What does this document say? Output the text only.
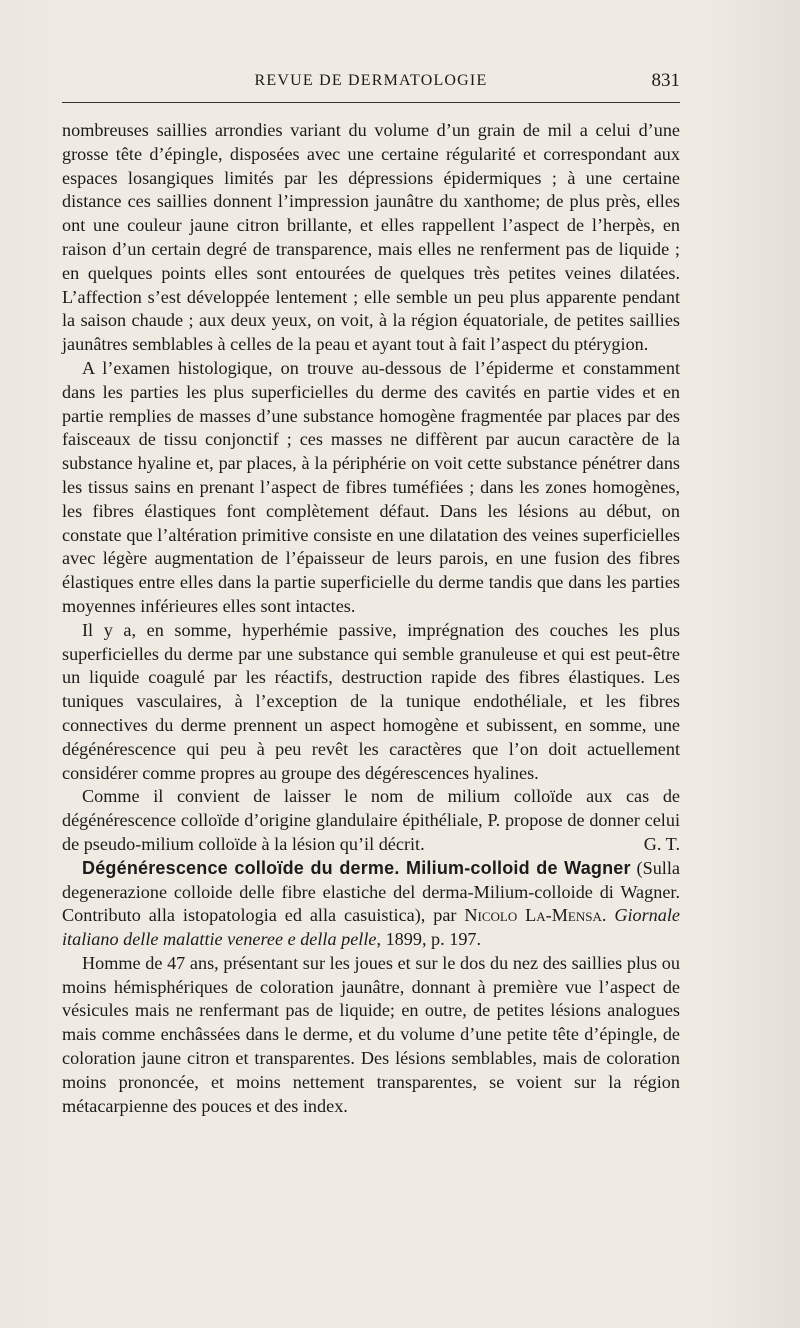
REVUE DE DERMATOLOGIE	831

nombreuses saillies arrondies variant du volume d’un grain de mil a celui d’une grosse tête d’épingle, disposées avec une certaine régularité et correspondant aux espaces losangiques limités par les dépressions épidermiques ; à une certaine distance ces saillies donnent l’impression jaunâtre du xanthome; de plus près, elles ont une couleur jaune citron brillante, et elles rappellent l’aspect de l’herpès, en raison d’un certain degré de transparence, mais elles ne renferment pas de liquide ; en quelques points elles sont entourées de quelques très petites veines dilatées. L’affection s’est développée lentement ; elle semble un peu plus apparente pendant la saison chaude ; aux deux yeux, on voit, à la région équatoriale, de petites saillies jaunâtres semblables à celles de la peau et ayant tout à fait l’aspect du ptérygion.

A l’examen histologique, on trouve au-dessous de l’épiderme et constamment dans les parties les plus superficielles du derme des cavités en partie vides et en partie remplies de masses d’une substance homogène fragmentée par places par des faisceaux de tissu conjonctif ; ces masses ne diffèrent par aucun caractère de la substance hyaline et, par places, à la périphérie on voit cette substance pénétrer dans les tissus sains en prenant l’aspect de fibres tuméfiées ; dans les zones homogènes, les fibres élastiques font complètement défaut. Dans les lésions au début, on constate que l’altération primitive consiste en une dilatation des veines superficielles avec légère augmentation de l’épaisseur de leurs parois, en une fusion des fibres élastiques entre elles dans la partie superficielle du derme tandis que dans les parties moyennes inférieures elles sont intactes.

Il y a, en somme, hyperhémie passive, imprégnation des couches les plus superficielles du derme par une substance qui semble granuleuse et qui est peut-être un liquide coagulé par les réactifs, destruction rapide des fibres élastiques. Les tuniques vasculaires, à l’exception de la tunique endothéliale, et les fibres connectives du derme prennent un aspect homogène et subissent, en somme, une dégénérescence qui peu à peu revêt les caractères que l’on doit actuellement considérer comme propres au groupe des dégérescences hyalines.

Comme il convient de laisser le nom de milium colloïde aux cas de dégénérescence colloïde d’origine glandulaire épithéliale, P. propose de donner celui de pseudo-milium colloïde à la lésion qu’il décrit.	G. T.

Dégénérescence colloïde du derme. Milium-colloid de Wagner (Sulla degenerazione colloide delle fibre elastiche del derma-Milium-colloide di Wagner. Contributo alla istopatologia ed alla casuistica), par Nicolo La-Mensa. Giornale italiano delle malattie veneree e della pelle, 1899, p. 197.

Homme de 47 ans, présentant sur les joues et sur le dos du nez des saillies plus ou moins hémisphériques de coloration jaunâtre, donnant à première vue l’aspect de vésicules mais ne renfermant pas de liquide; en outre, de petites lésions analogues mais comme enchâssées dans le derme, et du volume d’une petite tête d’épingle, de coloration jaune citron et transparentes. Des lésions semblables, mais de coloration moins prononcée, et moins nettement transparentes, se voient sur la région métacarpienne des pouces et des index.
